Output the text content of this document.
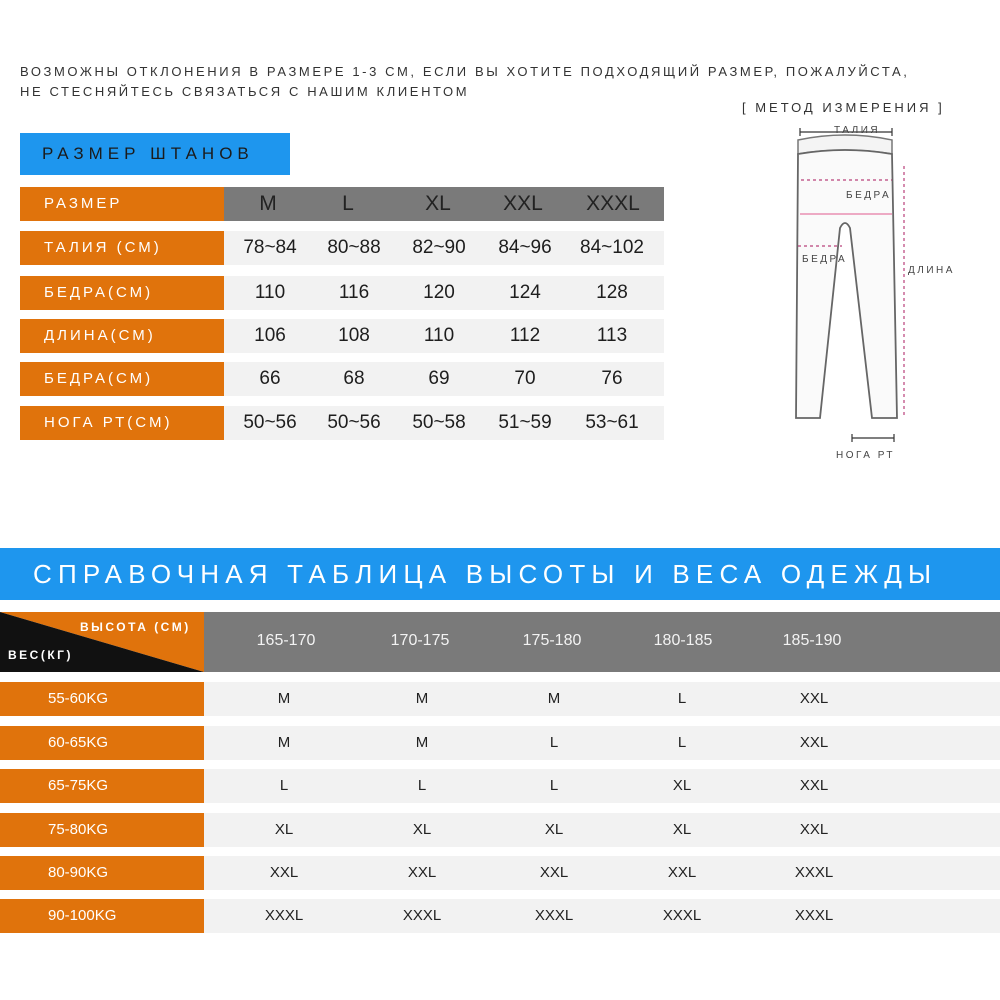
ВОЗМОЖНЫ ОТКЛОНЕНИЯ В РАЗМЕРЕ 1-3 СМ, ЕСЛИ ВЫ ХОТИТЕ ПОДХОДЯЩИЙ РАЗМЕР, ПОЖАЛУЙСТА,
НЕ СТЕСНЯЙТЕСЬ СВЯЗАТЬСЯ С НАШИМ КЛИЕНТОМ
РАЗМЕР ШТАНОВ
РАЗМЕР	M	L	XL	XXL	XXXL
ТАЛИЯ (СМ)	78~84	80~88	82~90	84~96	84~102
БЕДРА(СМ)	110	116	120	124	128
ДЛИНА(СМ)	106	108	110	112	113
БЕДРА(СМ)	66	68	69	70	76
НОГА РТ(СМ)	50~56	50~56	50~58	51~59	53~61
[ МЕТОД ИЗМЕРЕНИЯ ]
ТАЛИЯ
БЕДРА
БЕДРА
ДЛИНА
НОГА РТ
СПРАВОЧНАЯ ТАБЛИЦА ВЫСОТЫ И ВЕСА ОДЕЖДЫ
ВЫСОТА (СМ)
ВЕС(КГ)
165-170	170-175	175-180	180-185	185-190
55-60KG	M	M	M	L	XXL
60-65KG	M	M	L	L	XXL
65-75KG	L	L	L	XL	XXL
75-80KG	XL	XL	XL	XL	XXL
80-90KG	XXL	XXL	XXL	XXL	XXXL
90-100KG	XXXL	XXXL	XXXL	XXXL	XXXL
